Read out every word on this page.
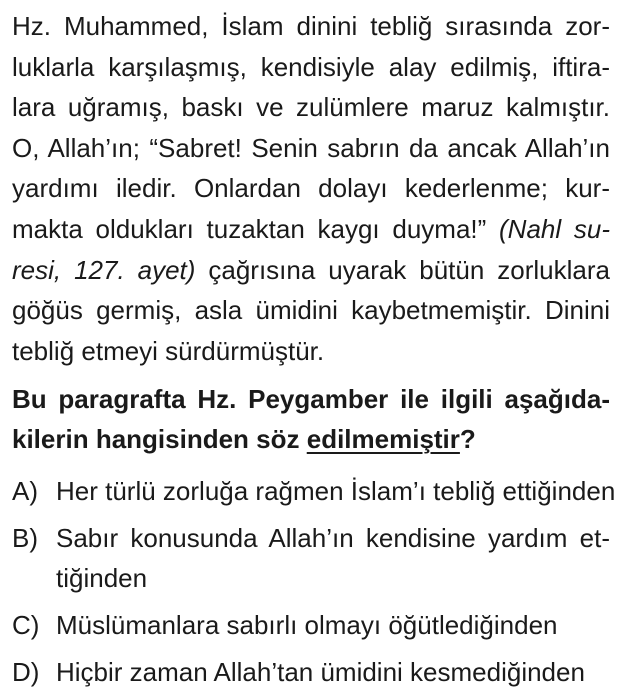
Hz. Muhammed, İslam dinini tebliğ sırasında zor-
luklarla karşılaşmış, kendisiyle alay edilmiş, iftira-
lara uğramış, baskı ve zulümlere maruz kalmıştır.
O, Allah’ın; “Sabret! Senin sabrın da ancak Allah’ın
yardımı iledir. Onlardan dolayı kederlenme; kur-
makta oldukları tuzaktan kaygı duyma!” (Nahl su-
resi, 127. ayet) çağrısına uyarak bütün zorluklara
göğüs germiş, asla ümidini kaybetmemiştir. Dinini
tebliğ etmeyi sürdürmüştür.
Bu paragrafta Hz. Peygamber ile ilgili aşağıda-
kilerin hangisinden söz edilmemiştir?
A) Her türlü zorluğa rağmen İslam’ı tebliğ ettiğinden
B) Sabır konusunda Allah’ın kendisine yardım et-
tiğinden
C) Müslümanlara sabırlı olmayı öğütlediğinden
D) Hiçbir zaman Allah’tan ümidini kesmediğinden
